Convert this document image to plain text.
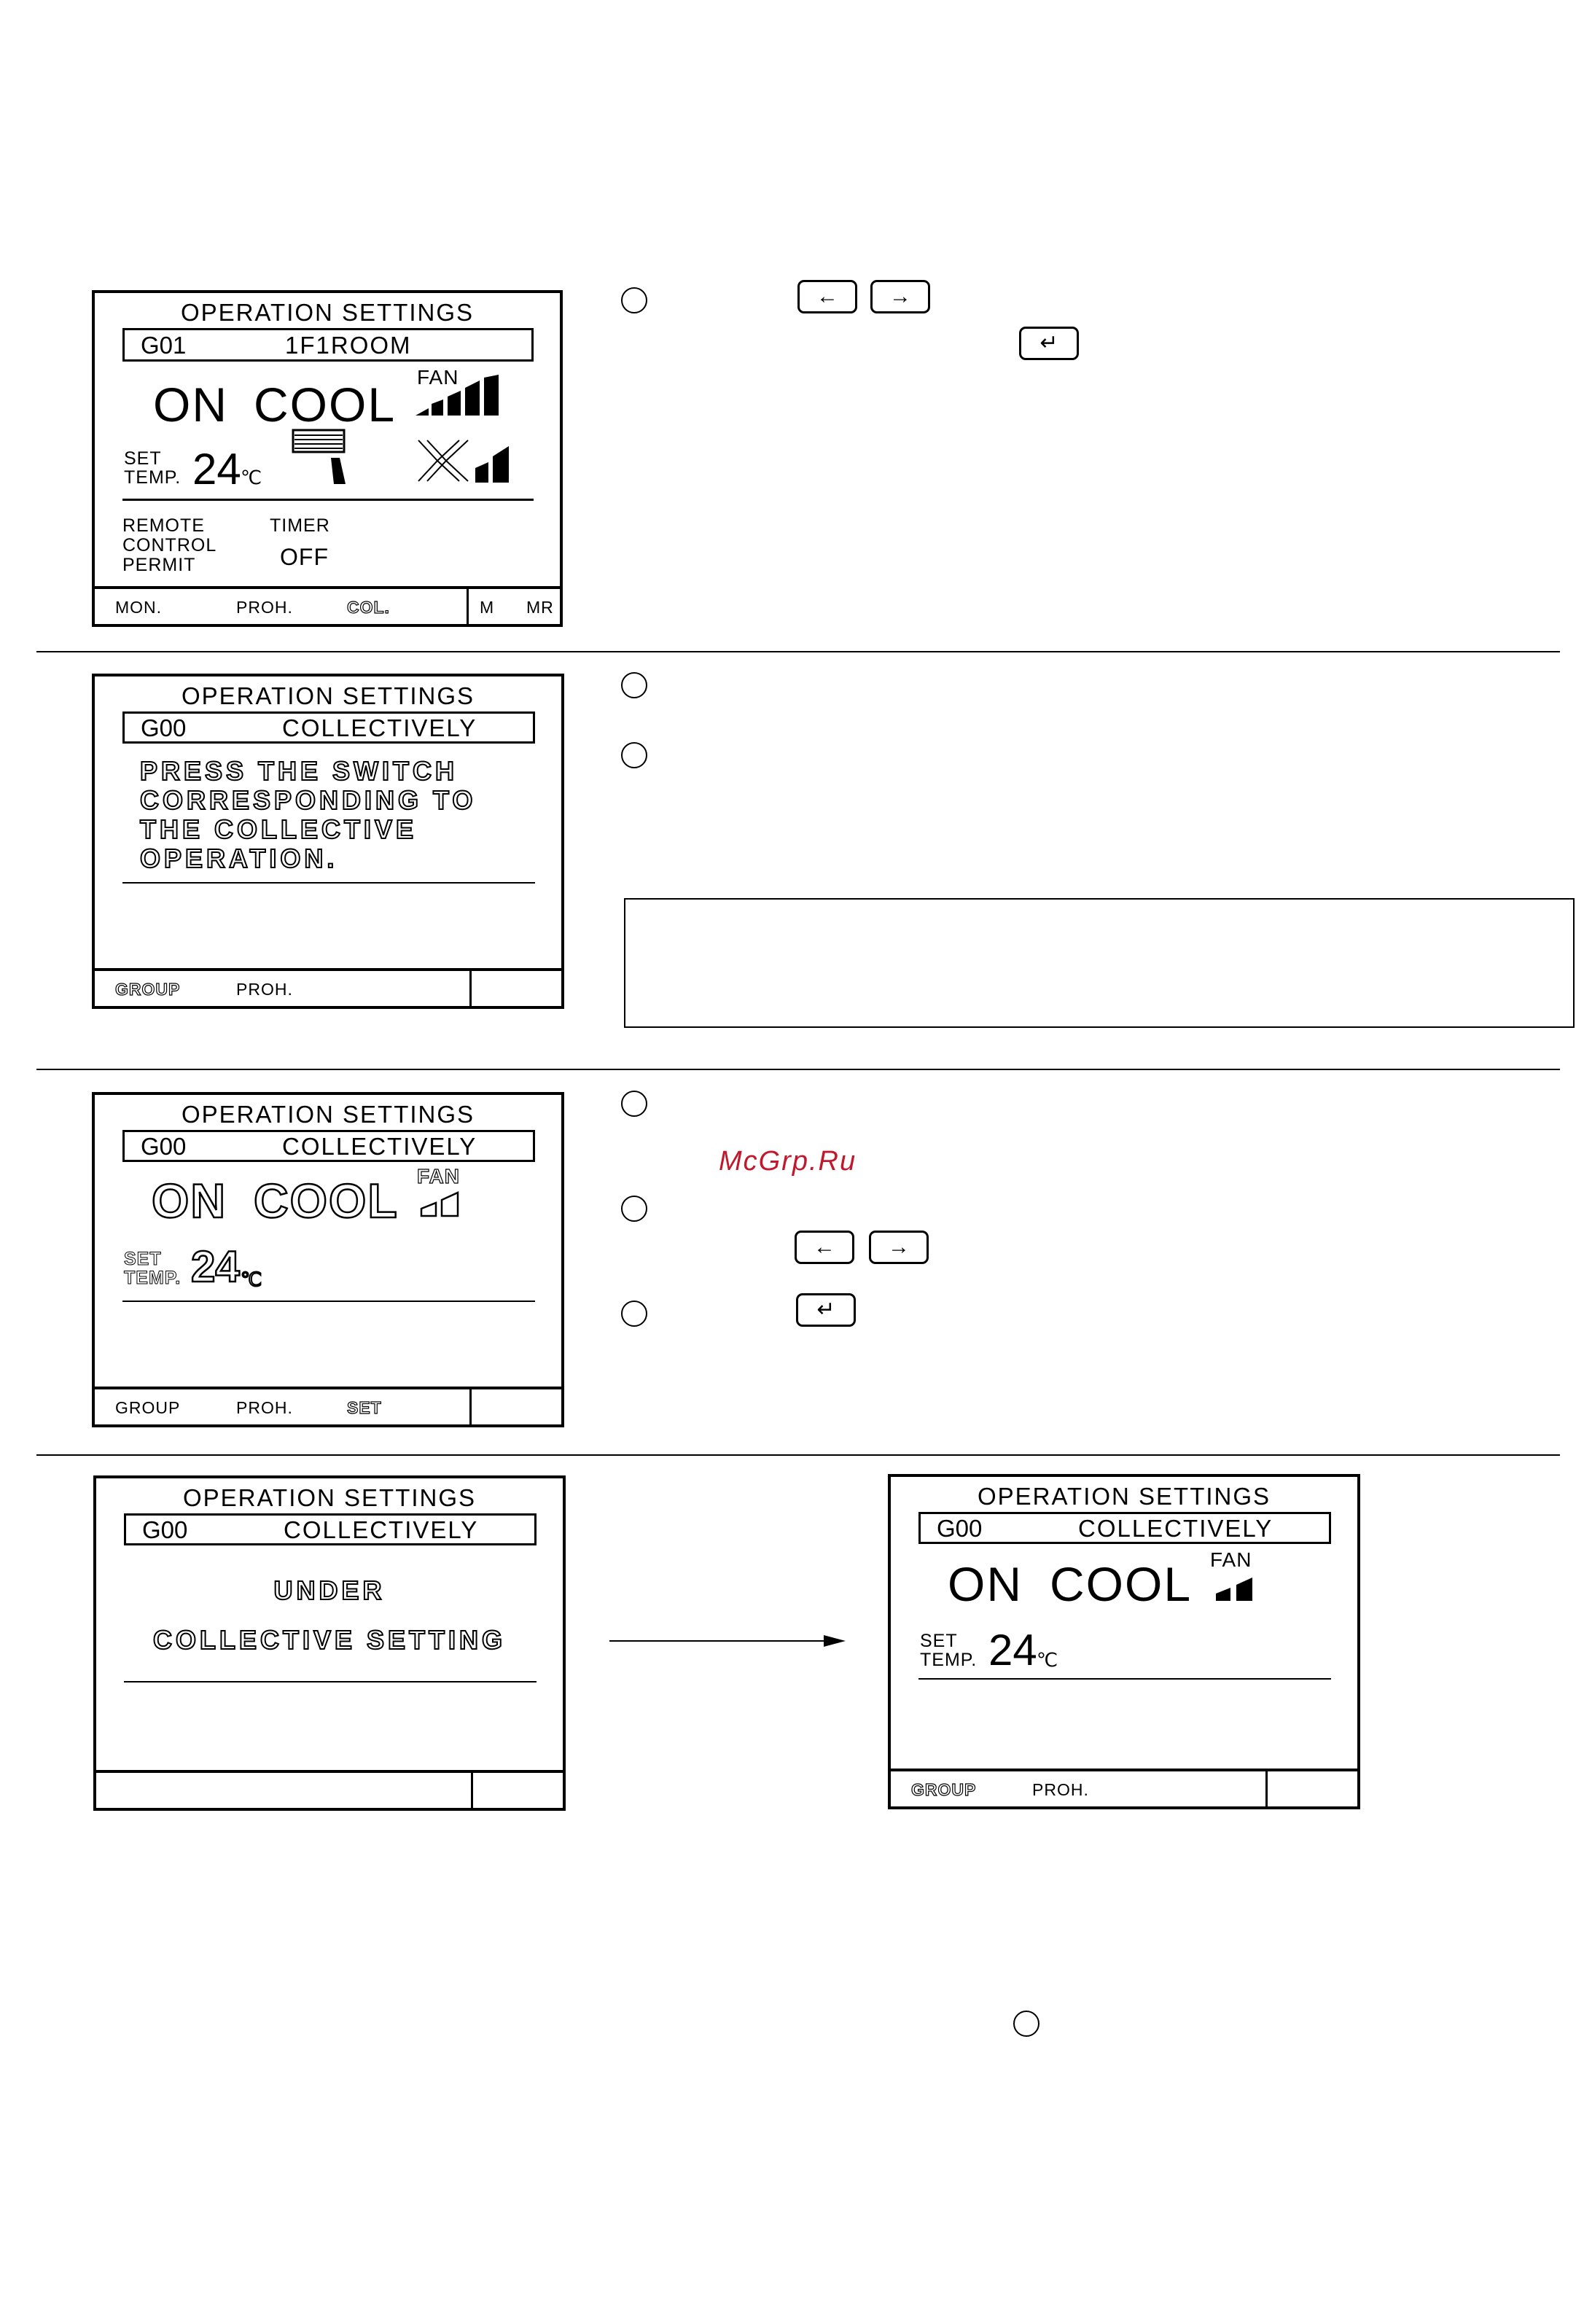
OPERATION SETTINGS
G01	1F1ROOM
ON COOL
FAN
SET
TEMP. 24 ℃
REMOTE
CONTROL
PERMIT
TIMER
OFF
MON.	PROH.	COL.	M MR
←	→
↵
OPERATION SETTINGS
G00	COLLECTIVELY
PRESS THE SWITCH
CORRESPONDING TO
THE COLLECTIVE
OPERATION.
GROUP	PROH.
OPERATION SETTINGS
G00	COLLECTIVELY
ON COOL FAN
SET
TEMP. 24 ℃
GROUP	PROH.	SET
McGrp.Ru
←	→
↵
OPERATION SETTINGS
G00	COLLECTIVELY
UNDER
COLLECTIVE SETTING
OPERATION SETTINGS
G00	COLLECTIVELY
ON COOL FAN
SET
TEMP. 24 ℃
GROUP	PROH.
